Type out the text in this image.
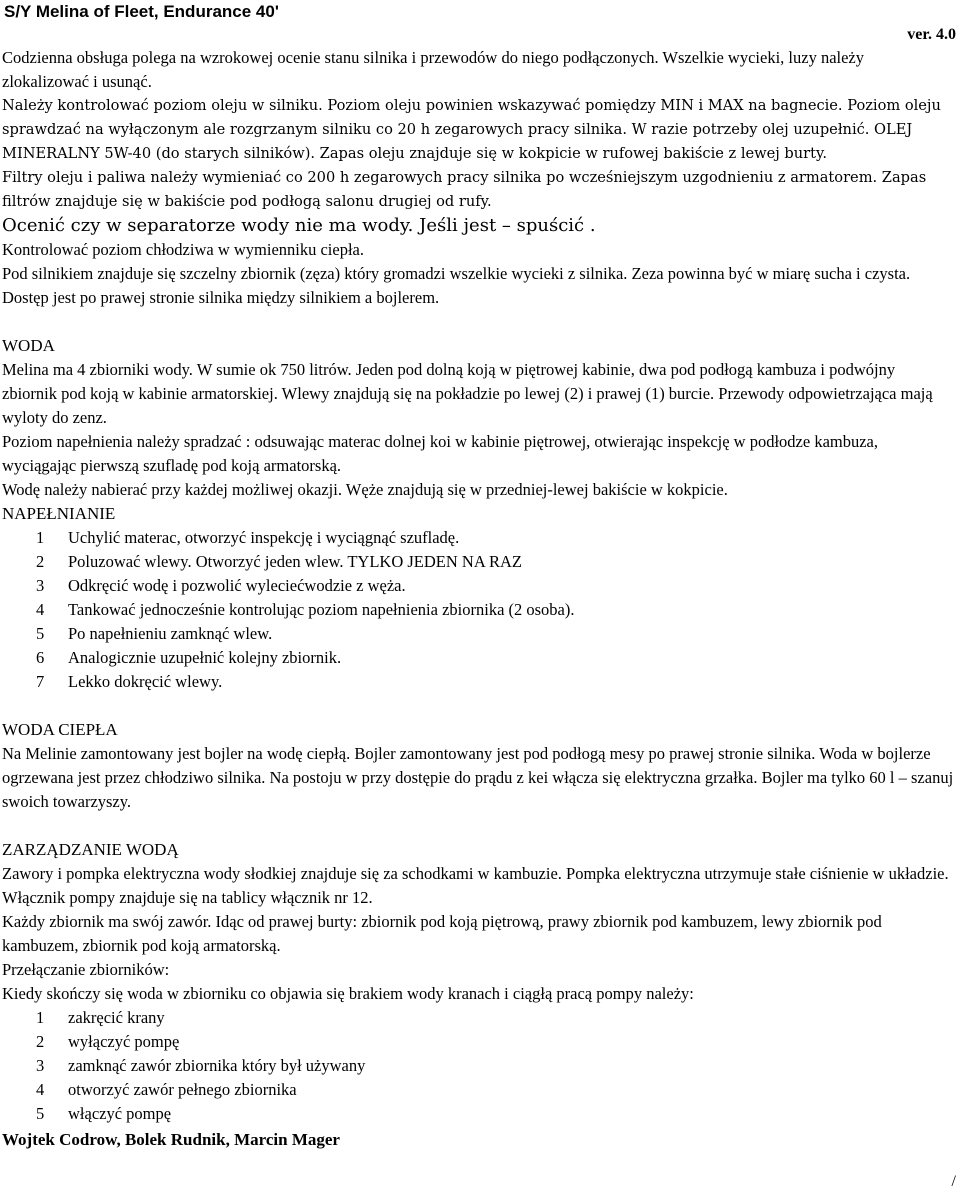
S/Y Melina of Fleet, Endurance 40'
ver. 4.0

Codzienna obsługa polega na wzrokowej ocenie stanu silnika i przewodów do niego podłączonych. Wszelkie wycieki, luzy należy zlokalizować i usunąć.

Należy kontrolować poziom oleju w silniku. Poziom oleju powinien wskazywać pomiędzy MIN i MAX na bagnecie. Poziom oleju sprawdzać na wyłączonym ale rozgrzanym silniku co 20 h zegarowych pracy silnika. W razie potrzeby olej uzupełnić. OLEJ MINERALNY 5W-40 (do starych silników). Zapas oleju znajduje się w kokpicie w rufowej bakiście z lewej burty.

Filtry oleju i paliwa należy wymieniać co 200 h zegarowych pracy silnika po wcześniejszym uzgodnieniu z armatorem. Zapas filtrów znajduje się w bakiście pod podłogą salonu drugiej od rufy.

Ocenić czy w separatorze wody nie ma wody. Jeśli jest – spuścić .

Kontrolować poziom chłodziwa w wymienniku ciepła.

Pod silnikiem znajduje się szczelny zbiornik (zęza) który gromadzi wszelkie wycieki z silnika. Zeza powinna być w miarę sucha i czysta. Dostęp jest po prawej stronie silnika między silnikiem a bojlerem.

WODA

Melina ma 4 zbiorniki wody. W sumie ok 750 litrów. Jeden pod dolną koją w piętrowej kabinie, dwa pod podłogą kambuza i podwójny zbiornik pod koją w kabinie armatorskiej. Wlewy znajdują się na pokładzie po lewej (2) i prawej (1) burcie. Przewody odpowietrzająca mają wyloty do zenz.

Poziom napełnienia należy spradzać : odsuwając materac dolnej koi w kabinie piętrowej, otwierając inspekcję w podłodze kambuza, wyciągając pierwszą szufladę pod koją armatorską.

Wodę należy nabierać przy każdej możliwej okazji. Węże znajdują się w przedniej-lewej bakiście w kokpicie.

NAPEŁNIANIE
1	Uchylić materac, otworzyć inspekcję i wyciągnąć szufladę.
2	Poluzować wlewy. Otworzyć jeden wlew. TYLKO JEDEN NA RAZ
3	Odkręcić wodę i pozwolić wyleciećwodzie z węża.
4	Tankować jednocześnie kontrolując poziom napełnienia zbiornika (2 osoba).
5	Po napełnieniu zamknąć wlew.
6	Analogicznie uzupełnić kolejny zbiornik.
7	Lekko dokręcić wlewy.
WODA CIEPŁA

Na Melinie zamontowany jest bojler na wodę ciepłą. Bojler zamontowany jest pod podłogą mesy po prawej stronie silnika. Woda w bojlerze ogrzewana jest przez chłodziwo silnika. Na postoju w przy dostępie do prądu z kei włącza się elektryczna grzałka. Bojler ma tylko 60 l – szanuj swoich towarzyszy.

ZARZĄDZANIE WODĄ

Zawory i pompka elektryczna wody słodkiej znajduje się za schodkami w kambuzie. Pompka elektryczna utrzymuje stałe ciśnienie w układzie. Włącznik pompy znajduje się na tablicy włącznik nr 12.

Każdy zbiornik ma swój zawór. Idąc od prawej burty: zbiornik pod koją piętrową, prawy zbiornik pod kambuzem, lewy zbiornik pod kambuzem, zbiornik pod koją armatorską.

Przełączanie zbiorników:

Kiedy skończy się woda w zbiorniku co objawia się brakiem wody kranach i ciągłą pracą pompy należy:

1	zakręcić krany
2	wyłączyć pompę
3	zamknąć zawór zbiornika który był używany
4	otworzyć zawór pełnego zbiornika
5	włączyć pompę
Wojtek Codrow, Bolek Rudnik, Marcin Mager
/
